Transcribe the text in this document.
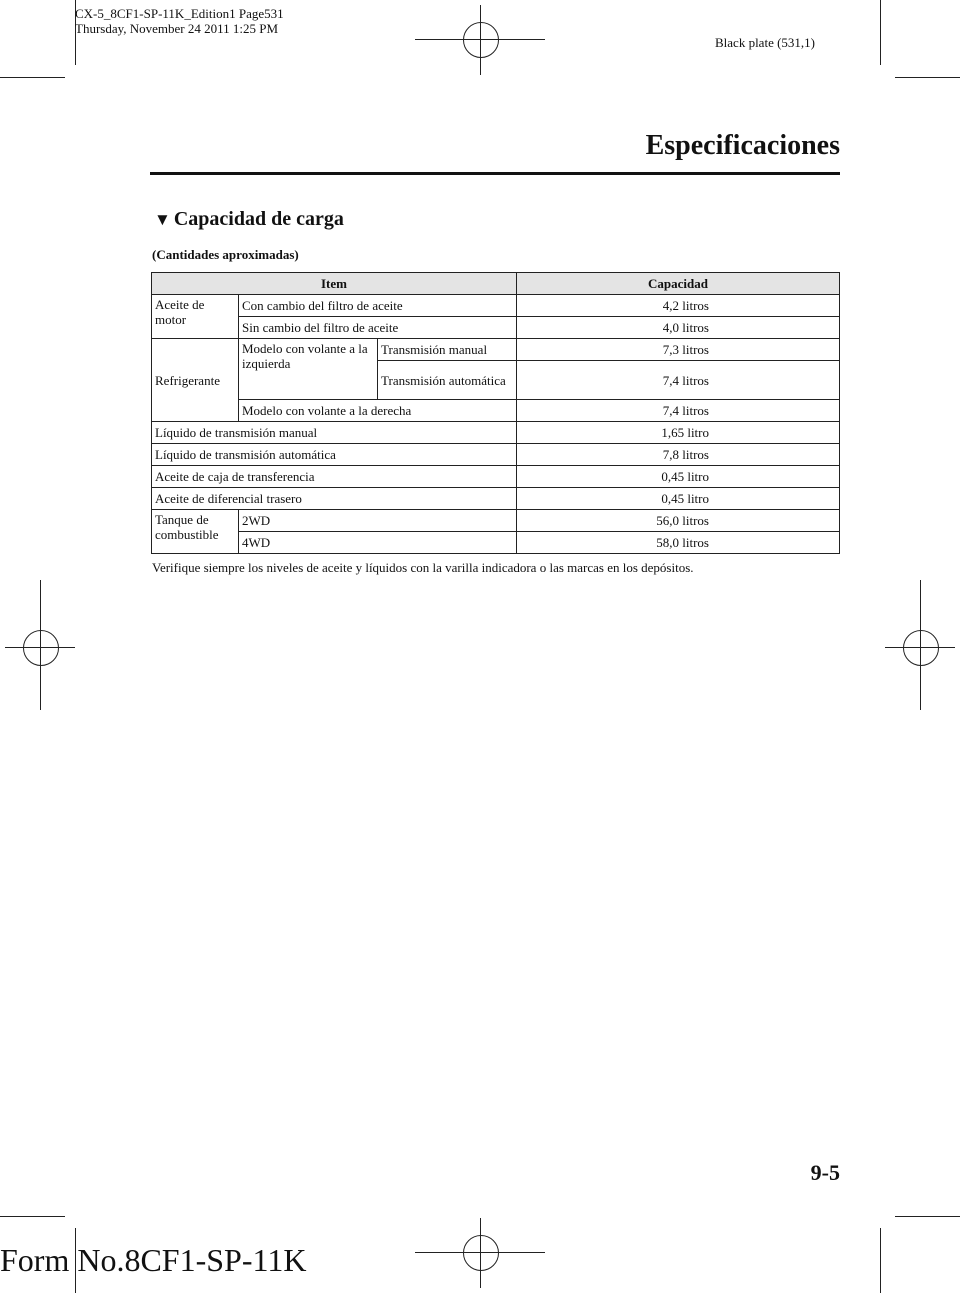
CX-5_8CF1-SP-11K_Edition1 Page531
Thursday, November 24 2011 1:25 PM
Black plate (531,1)
Especificaciones
▼ Capacidad de carga
(Cantidades aproximadas)
Item			Capacidad
Aceite de motor	Con cambio del filtro de aceite		4,2 litros
	Sin cambio del filtro de aceite		4,0 litros
Refrigerante	Modelo con volante a la izquierda	Transmisión manual	7,3 litros
		Transmisión automática	7,4 litros
	Modelo con volante a la derecha		7,4 litros
Líquido de transmisión manual			1,65 litro
Líquido de transmisión automática			7,8 litros
Aceite de caja de transferencia			0,45 litro
Aceite de diferencial trasero			0,45 litro
Tanque de combustible	2WD		56,0 litros
	4WD		58,0 litros
Verifique siempre los niveles de aceite y líquidos con la varilla indicadora o las marcas en los depósitos.
9-5
Form No.8CF1-SP-11K
